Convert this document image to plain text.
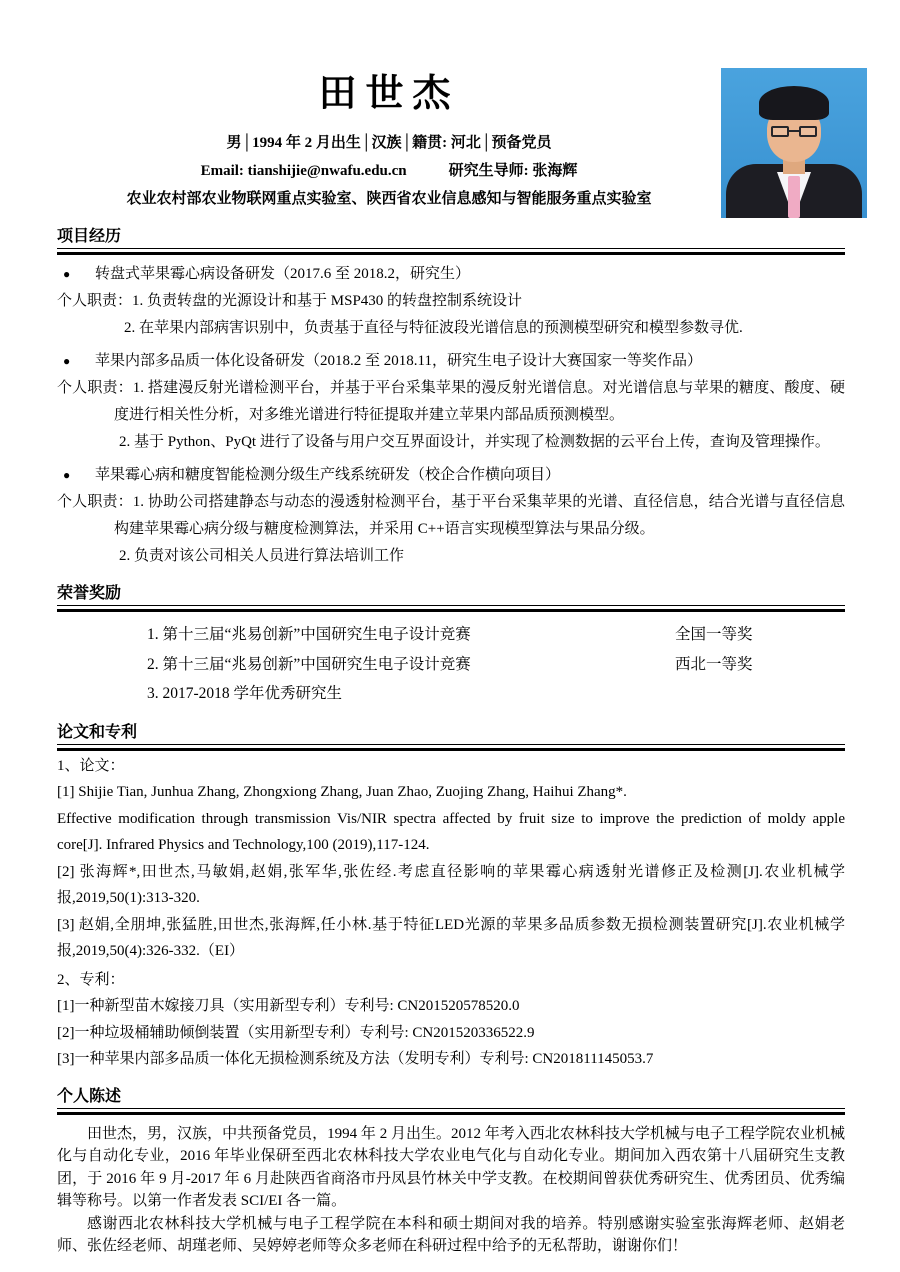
田世杰
男│1994 年 2 月出生│汉族│籍贯: 河北│预备党员
Email: tianshijie@nwafu.edu.cn	研究生导师: 张海辉
农业农村部农业物联网重点实验室、陕西省农业信息感知与智能服务重点实验室
项目经历
●	转盘式苹果霉心病设备研发（2017.6 至 2018.2，研究生）

个人职责：1. 负责转盘的光源设计和基于 MSP430 的转盘控制系统设计

2. 在苹果内部病害识别中，负责基于直径与特征波段光谱信息的预测模型研究和模型参数寻优.

●	苹果内部多品质一体化设备研发（2018.2 至 2018.11，研究生电子设计大赛国家一等奖作品）

个人职责：1. 搭建漫反射光谱检测平台，并基于平台采集苹果的漫反射光谱信息。对光谱信息与苹果的糖度、酸度、硬度进行相关性分析，对多维光谱进行特征提取并建立苹果内部品质预测模型。

2. 基于 Python、PyQt 进行了设备与用户交互界面设计，并实现了检测数据的云平台上传，查询及管理操作。

●	苹果霉心病和糖度智能检测分级生产线系统研发（校企合作横向项目）

个人职责：1. 协助公司搭建静态与动态的漫透射检测平台，基于平台采集苹果的光谱、直径信息，结合光谱与直径信息构建苹果霉心病分级与糖度检测算法，并采用 C++语言实现模型算法与果品分级。

2. 负责对该公司相关人员进行算法培训工作

荣誉奖励
1. 第十三届“兆易创新”中国研究生电子设计竞赛	全国一等奖
2. 第十三届“兆易创新”中国研究生电子设计竞赛	西北一等奖
3. 2017-2018 学年优秀研究生
论文和专利

1、论文：

[1] Shijie Tian, Junhua Zhang, Zhongxiong Zhang, Juan Zhao, Zuojing Zhang, Haihui Zhang*.

Effective modification through transmission Vis/NIR spectra affected by fruit size to improve the prediction of moldy apple core[J]. Infrared Physics and Technology,100 (2019),117-124.

[2] 张海辉*,田世杰,马敏娟,赵娟,张军华,张佐经.考虑直径影响的苹果霉心病透射光谱修正及检测[J].农业机械学报,2019,50(1):313-320.

[3] 赵娟,全朋坤,张猛胜,田世杰,张海辉,任小林.基于特征LED光源的苹果多品质参数无损检测装置研究[J].农业机械学报,2019,50(4):326-332.（EI）

2、专利：

[1]一种新型苗木嫁接刀具（实用新型专利）专利号: CN201520578520.0

[2]一种垃圾桶辅助倾倒装置（实用新型专利）专利号: CN201520336522.9

[3]一种苹果内部多品质一体化无损检测系统及方法（发明专利）专利号: CN201811145053.7

个人陈述

田世杰，男，汉族，中共预备党员，1994 年 2 月出生。2012 年考入西北农林科技大学机械与电子工程学院农业机械化与自动化专业，2016 年毕业保研至西北农林科技大学农业电气化与自动化专业。期间加入西农第十八届研究生支教团，于 2016 年 9 月-2017 年 6 月赴陕西省商洛市丹凤县竹林关中学支教。在校期间曾获优秀研究生、优秀团员、优秀编辑等称号。以第一作者发表 SCI/EI 各一篇。

感谢西北农林科技大学机械与电子工程学院在本科和硕士期间对我的培养。特别感谢实验室张海辉老师、赵娟老师、张佐经老师、胡瑾老师、吴婷婷老师等众多老师在科研过程中给予的无私帮助，谢谢你们！
